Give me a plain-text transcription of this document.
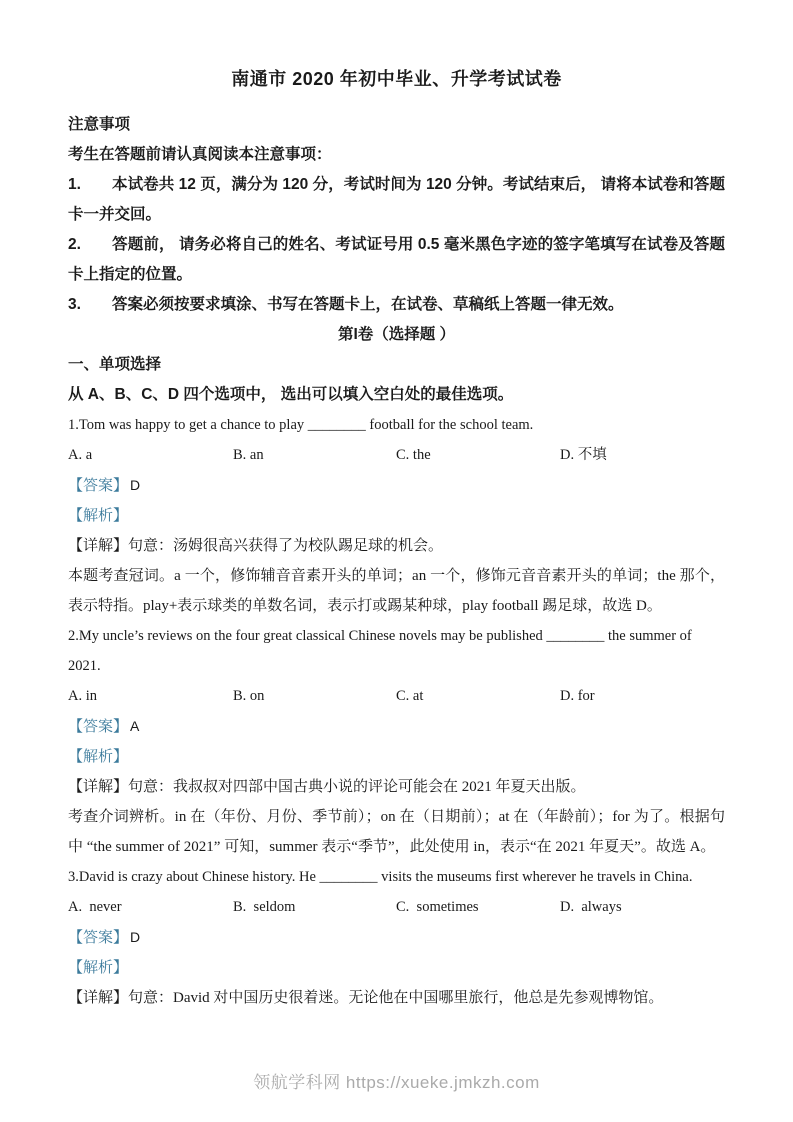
南通市 2020 年初中毕业、升学考试试卷

注意事项

考生在答题前请认真阅读本注意事项：

1. 本试卷共 12 页，满分为 120 分，考试时间为 120 分钟。考试结束后， 请将本试卷和答题卡一并交回。

2. 答题前， 请务必将自己的姓名、考试证号用 0.5 毫米黑色字迹的签字笔填写在试卷及答题卡上指定的位置。

3. 答案必须按要求填涂、书写在答题卡上，在试卷、草稿纸上答题一律无效。

第I卷（选择题 ）

一、单项选择

从 A、B、C、D 四个选项中， 选出可以填入空白处的最佳选项。

1.Tom was happy to get a chance to play ________ football for the school team.

A. a	B. an	C. the	D. 不填

【答案】 D

【解析】

【详解】句意：汤姆很高兴获得了为校队踢足球的机会。

本题考查冠词。a 一个，修饰辅音音素开头的单词；an 一个，修饰元音音素开头的单词；the 那个，表示特指。play+表示球类的单数名词，表示打或踢某种球，play football 踢足球，故选 D。

2.My uncle’s reviews on the four great classical Chinese novels may be published ________ the summer of 2021.

A. in	B. on	C. at	D. for

【答案】 A

【解析】

【详解】句意：我叔叔对四部中国古典小说的评论可能会在 2021 年夏天出版。

考查介词辨析。in 在（年份、月份、季节前）；on 在（日期前）；at 在（年龄前）；for 为了。根据句中 “the summer of 2021” 可知，summer 表示“季节”，此处使用 in，表示“在 2021 年夏天”。故选 A。

3.David is crazy about Chinese history. He ________ visits the museums first wherever he travels in China.

A.  never	B.  seldom	C.  sometimes	D.  always

【答案】 D

【解析】

【详解】句意：David 对中国历史很着迷。无论他在中国哪里旅行，他总是先参观博物馆。

领航学科网 https://xueke.jmkzh.com
